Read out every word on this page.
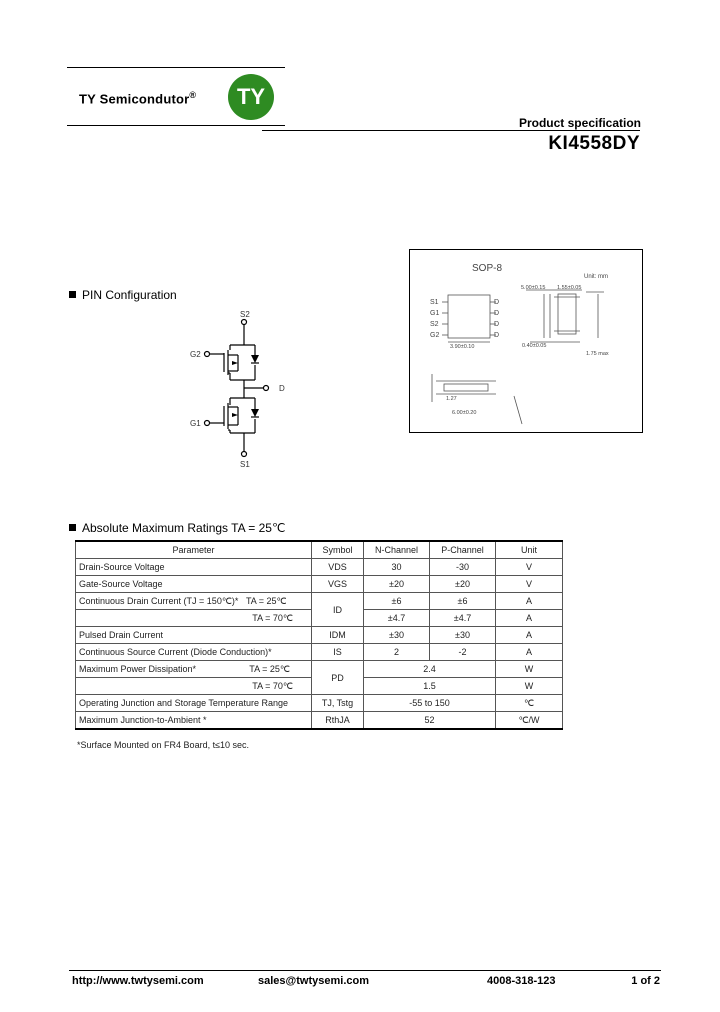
TY Semicondutor®	TY
Product specification
KI4558DY
PIN Configuration
S2
G2
D
G1
S1
SOP-8
Unit: mm
5.00±0.15 1.55±0.05
S1
G1
S2
G2
D
D
D
D
3.90±0.10	0.40±0.05
1.75 max
1.27
6.00±0.20
Absolute Maximum Ratings TA = 25℃
Parameter	Symbol	N-Channel	P-Channel	Unit
Drain-Source Voltage	VDS	30	-30	V
Gate-Source Voltage	VGS	±20	±20	V
Continuous Drain Current (TJ = 150℃)* TA = 25℃	ID	±6	±6	A
TA = 70℃		±4.7	±4.7	A
Pulsed Drain Current	IDM	±30	±30	A
Continuous Source Current (Diode Conduction)*	IS	2	-2	A
Maximum Power Dissipation* TA = 25℃	PD	2.4		W
TA = 70℃		1.5		W
Operating Junction and Storage Temperature Range	TJ, Tstg	-55 to 150		℃
Maximum Junction-to-Ambient *	RthJA	52		℃/W
*Surface Mounted on FR4 Board, t≤10 sec.
http://www.twtysemi.com	sales@twtysemi.com	4008-318-123	1 of 2
